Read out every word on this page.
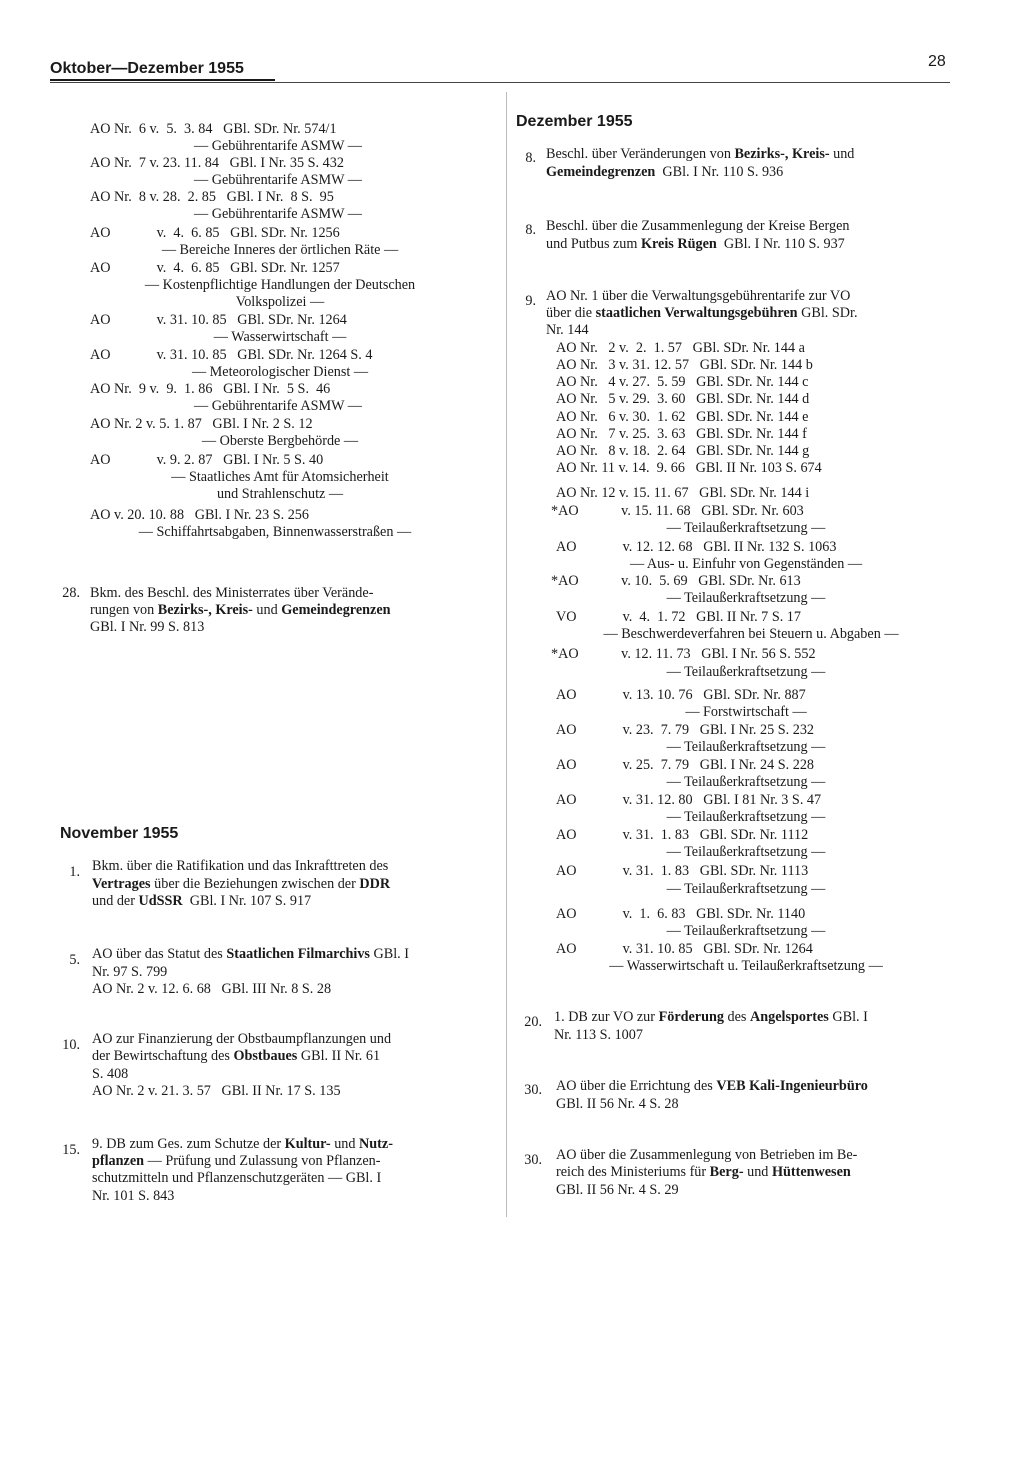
Oktober—Dezember 1955	28
AO Nr.  6 v.  5.  3. 84   GBl. SDr. Nr. 574/1
— Gebührentarife ASMW —
AO Nr.  7 v. 23. 11. 84   GBl. I Nr. 35 S. 432
— Gebührentarife ASMW —
AO Nr.  8 v. 28.  2. 85   GBl. I Nr.  8 S.  95
— Gebührentarife ASMW —
AO             v.  4.  6. 85   GBl. SDr. Nr. 1256
— Bereiche Inneres der örtlichen Räte —
AO             v.  4.  6. 85   GBl. SDr. Nr. 1257
— Kostenpflichtige Handlungen der Deutschen
Volkspolizei —
AO             v. 31. 10. 85   GBl. SDr. Nr. 1264
— Wasserwirtschaft —
AO             v. 31. 10. 85   GBl. SDr. Nr. 1264 S. 4
— Meteorologischer Dienst —
AO Nr.  9 v.  9.  1. 86   GBl. I Nr.  5 S.  46
— Gebührentarife ASMW —
AO Nr. 2 v. 5. 1. 87   GBl. I Nr. 2 S. 12
— Oberste Bergbehörde —
AO             v. 9. 2. 87   GBl. I Nr. 5 S. 40
— Staatliches Amt für Atomsicherheit
und Strahlenschutz —
AO v. 20. 10. 88   GBl. I Nr. 23 S. 256
— Schiffahrtsabgaben, Binnenwasserstraßen —
28. Bkm. des Beschl. des Ministerrates über Verände-
rungen von Bezirks-, Kreis- und Gemeindegrenzen
GBl. I Nr. 99 S. 813
November 1955
1. Bkm. über die Ratifikation und das Inkrafttreten des
Vertrages über die Beziehungen zwischen der DDR
und der UdSSR  GBl. I Nr. 107 S. 917
5. AO über das Statut des Staatlichen Filmarchivs GBl. I
Nr. 97 S. 799
AO Nr. 2 v. 12. 6. 68   GBl. III Nr. 8 S. 28
10. AO zur Finanzierung der Obstbaumpflanzungen und
der Bewirtschaftung des Obstbaues GBl. II Nr. 61
S. 408
AO Nr. 2 v. 21. 3. 57   GBl. II Nr. 17 S. 135
15. 9. DB zum Ges. zum Schutze der Kultur- und Nutz-
pflanzen — Prüfung und Zulassung von Pflanzen-
schutzmitteln und Pflanzenschutzgeräten — GBl. I
Nr. 101 S. 843
Dezember 1955
8. Beschl. über Veränderungen von Bezirks-, Kreis- und
Gemeindegrenzen  GBl. I Nr. 110 S. 936
8. Beschl. über die Zusammenlegung der Kreise Bergen
und Putbus zum Kreis Rügen  GBl. I Nr. 110 S. 937
9. AO Nr. 1 über die Verwaltungsgebührentarife zur VO
über die staatlichen Verwaltungsgebühren GBl. SDr.
Nr. 144
AO Nr.   2 v.  2.  1. 57   GBl. SDr. Nr. 144 a
AO Nr.   3 v. 31. 12. 57   GBl. SDr. Nr. 144 b
AO Nr.   4 v. 27.  5. 59   GBl. SDr. Nr. 144 c
AO Nr.   5 v. 29.  3. 60   GBl. SDr. Nr. 144 d
AO Nr.   6 v. 30.  1. 62   GBl. SDr. Nr. 144 e
AO Nr.   7 v. 25.  3. 63   GBl. SDr. Nr. 144 f
AO Nr.   8 v. 18.  2. 64   GBl. SDr. Nr. 144 g
AO Nr. 11 v. 14.  9. 66   GBl. II Nr. 103 S. 674
AO Nr. 12 v. 15. 11. 67   GBl. SDr. Nr. 144 i
*AO            v. 15. 11. 68   GBl. SDr. Nr. 603
— Teilaußerkraftsetzung —
AO             v. 12. 12. 68   GBl. II Nr. 132 S. 1063
— Aus- u. Einfuhr von Gegenständen —
*AO            v. 10.  5. 69   GBl. SDr. Nr. 613
— Teilaußerkraftsetzung —
VO             v.  4.  1. 72   GBl. II Nr. 7 S. 17
— Beschwerdeverfahren bei Steuern u. Abgaben —
*AO            v. 12. 11. 73   GBl. I Nr. 56 S. 552
— Teilaußerkraftsetzung —
AO             v. 13. 10. 76   GBl. SDr. Nr. 887
— Forstwirtschaft —
AO             v. 23.  7. 79   GBl. I Nr. 25 S. 232
— Teilaußerkraftsetzung —
AO             v. 25.  7. 79   GBl. I Nr. 24 S. 228
— Teilaußerkraftsetzung —
AO             v. 31. 12. 80   GBl. I 81 Nr. 3 S. 47
— Teilaußerkraftsetzung —
AO             v. 31.  1. 83   GBl. SDr. Nr. 1112
— Teilaußerkraftsetzung —
AO             v. 31.  1. 83   GBl. SDr. Nr. 1113
— Teilaußerkraftsetzung —
AO             v.  1.  6. 83   GBl. SDr. Nr. 1140
— Teilaußerkraftsetzung —
AO             v. 31. 10. 85   GBl. SDr. Nr. 1264
— Wasserwirtschaft u. Teilaußerkraftsetzung —
20. 1. DB zur VO zur Förderung des Angelsportes GBl. I
Nr. 113 S. 1007
30. AO über die Errichtung des VEB Kali-Ingenieurbüro
GBl. II 56 Nr. 4 S. 28
30. AO über die Zusammenlegung von Betrieben im Be-
reich des Ministeriums für Berg- und Hüttenwesen
GBl. II 56 Nr. 4 S. 29
